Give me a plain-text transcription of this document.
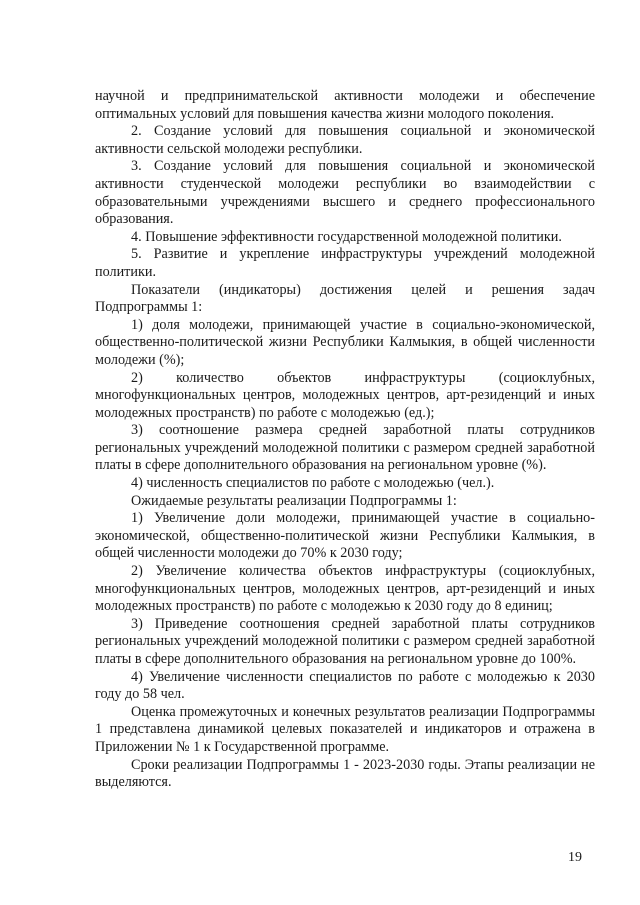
научной и предпринимательской активности молодежи и обеспечение оптимальных условий для повышения качества жизни молодого поколения.

2. Создание условий для повышения социальной и экономической активности сельской молодежи республики.

3. Создание условий для повышения социальной и экономической активности студенческой молодежи республики во взаимодействии с образовательными учреждениями высшего и среднего профессионального образования.

4. Повышение эффективности государственной молодежной политики.

5. Развитие и укрепление инфраструктуры учреждений молодежной политики.

Показатели (индикаторы) достижения целей и решения задач Подпрограммы 1:

1) доля молодежи, принимающей участие в социально-экономической, общественно-политической жизни Республики Калмыкия, в общей численности молодежи (%);

2) количество объектов инфраструктуры (социоклубных, многофункциональных центров, молодежных центров, арт-резиденций и иных молодежных пространств) по работе с молодежью (ед.);

3) соотношение размера средней заработной платы сотрудников региональных учреждений молодежной политики с размером средней заработной платы в сфере дополнительного образования на региональном уровне (%).

4) численность специалистов по работе с молодежью (чел.).

Ожидаемые результаты реализации Подпрограммы 1:

1) Увеличение доли молодежи, принимающей участие в социально-экономической, общественно-политической жизни Республики Калмыкия, в общей численности молодежи до 70% к 2030 году;

2) Увеличение количества объектов инфраструктуры (социоклубных, многофункциональных центров, молодежных центров, арт-резиденций и иных молодежных пространств) по работе с молодежью к 2030 году до 8 единиц;

3) Приведение соотношения средней заработной платы сотрудников региональных учреждений молодежной политики с размером средней заработной платы в сфере дополнительного образования на региональном уровне до 100%.

4) Увеличение численности специалистов по работе с молодежью к 2030 году до 58 чел.

Оценка промежуточных и конечных результатов реализации Подпрограммы 1 представлена динамикой целевых показателей и индикаторов и отражена в Приложении № 1 к Государственной программе.

Сроки реализации Подпрограммы 1 - 2023-2030 годы. Этапы реализации не выделяются.

19
